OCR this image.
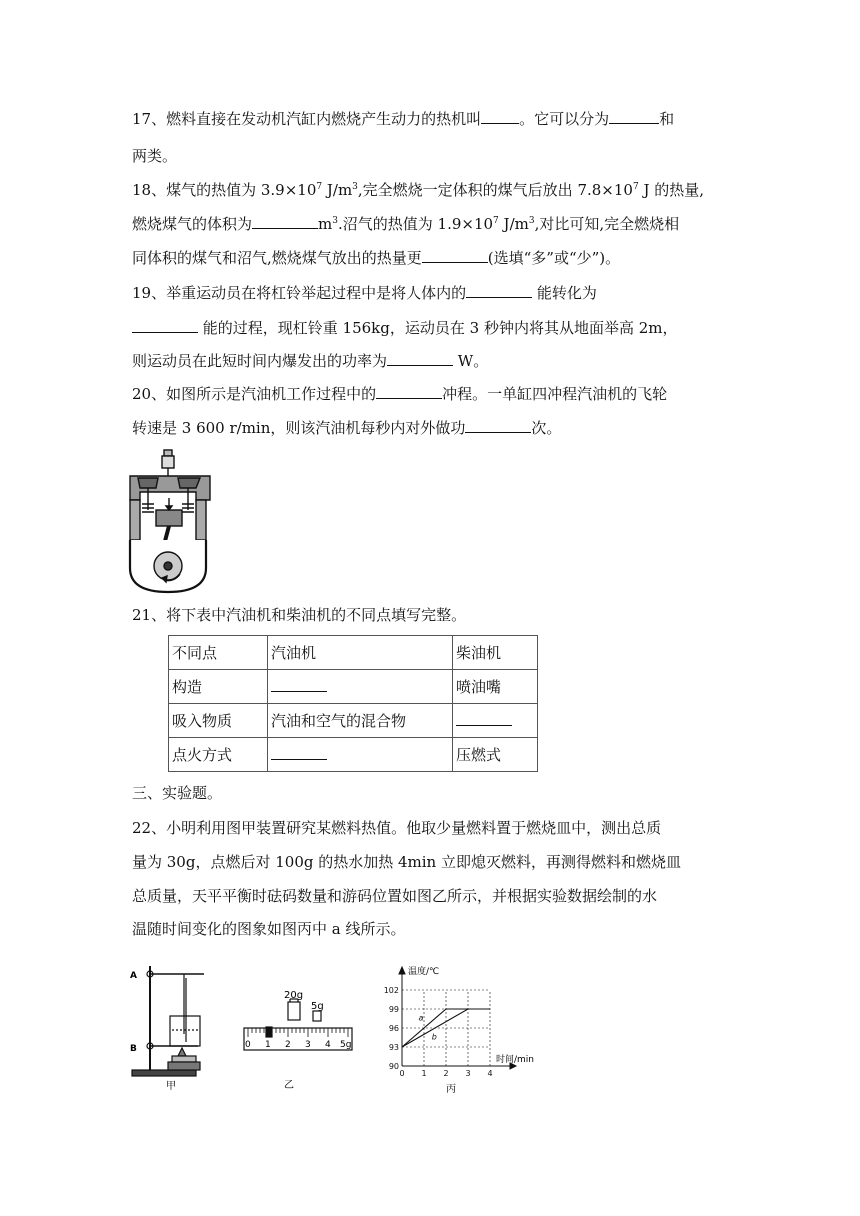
17、燃料直接在发动机汽缸内燃烧产生动力的热机叫	。它可以分为	和
两类。
18、煤气的热值为 $3.9\times 10^7$ $J/m^3$,完全燃烧一定体积的煤气后放出 $7.8\times 10^7$ J 的热量,
燃烧煤气的体积为	$m^3$.沼气的热值为 $1.9\times 10^7$ $J/m^3$,对比可知,完全燃烧相
同体积的煤气和沼气,燃烧煤气放出的热量更	(选填“多”或“少”)。
19、举重运动员在将杠铃举起过程中是将人体内的	能转化为
能的过程，现杠铃重 156kg，运动员在 3 秒钟内将其从地面举高 2m，
则运动员在此短时间内爆发出的功率为	W。
20、如图所示是汽油机工作过程中的	冲程。一单缸四冲程汽油机的飞轮
转速是 3 600 r/min，则该汽油机每秒内对外做功	次。
21、将下表中汽油机和柴油机的不同点填写完整。
不同点	汽油机	柴油机
构造		喷油嘴
吸入物质	汽油和空气的混合物	
点火方式		压燃式
三、实验题。
22、小明利用图甲装置研究某燃料热值。他取少量燃料置于燃烧皿中，测出总质
量为 30g，点燃后对 100g 的热水加热 4min 立即熄灭燃料，再测得燃料和燃烧皿
总质量，天平平衡时砝码数量和游码位置如图乙所示，并根据实验数据绘制的水
温随时间变化的图象如图丙中 a 线所示。
A
B
甲
20g
5g
0 1 2 3 4 5g
乙
102
99
96
93
90
0 1 2 3 4
a
b
温度/℃
时间/min
丙
